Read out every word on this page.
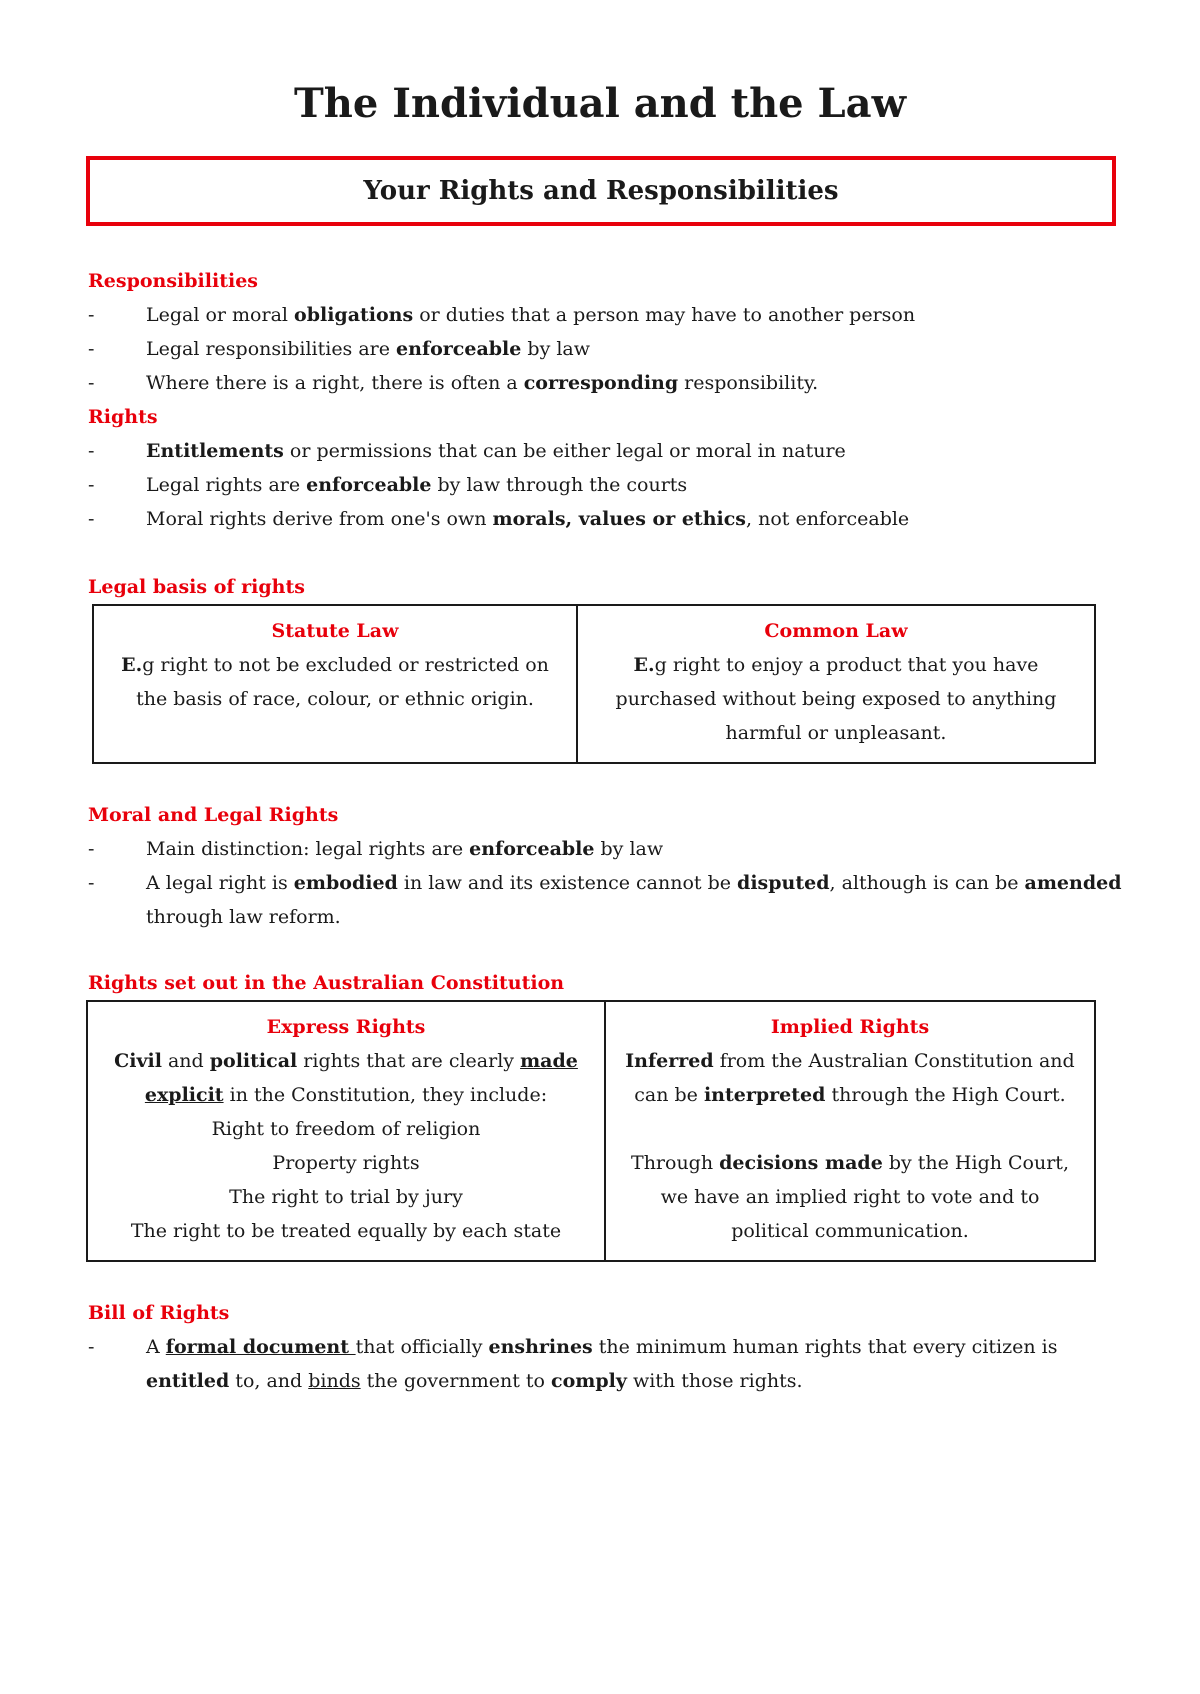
The Individual and the Law
Your Rights and Responsibilities
Responsibilities
-	Legal or moral obligations or duties that a person may have to another person
-	Legal responsibilities are enforceable by law
-	Where there is a right, there is often a corresponding responsibility.
Rights
-	Entitlements or permissions that can be either legal or moral in nature
-	Legal rights are enforceable by law through the courts
-	Moral rights derive from one's own morals, values or ethics, not enforceable
Legal basis of rights
Statute Law
E.g right to not be excluded or restricted on
the basis of race, colour, or ethnic origin.
Common Law
E.g right to enjoy a product that you have
purchased without being exposed to anything
harmful or unpleasant.
Moral and Legal Rights
-	Main distinction: legal rights are enforceable by law
-	A legal right is embodied in law and its existence cannot be disputed, although is can be amended
through law reform.
Rights set out in the Australian Constitution
Express Rights
Civil and political rights that are clearly made
explicit in the Constitution, they include:
Right to freedom of religion
Property rights
The right to trial by jury
The right to be treated equally by each state
Implied Rights
Inferred from the Australian Constitution and
can be interpreted through the High Court.
Through decisions made by the High Court,
we have an implied right to vote and to
political communication.
Bill of Rights
-	A formal document that officially enshrines the minimum human rights that every citizen is
entitled to, and binds the government to comply with those rights.
